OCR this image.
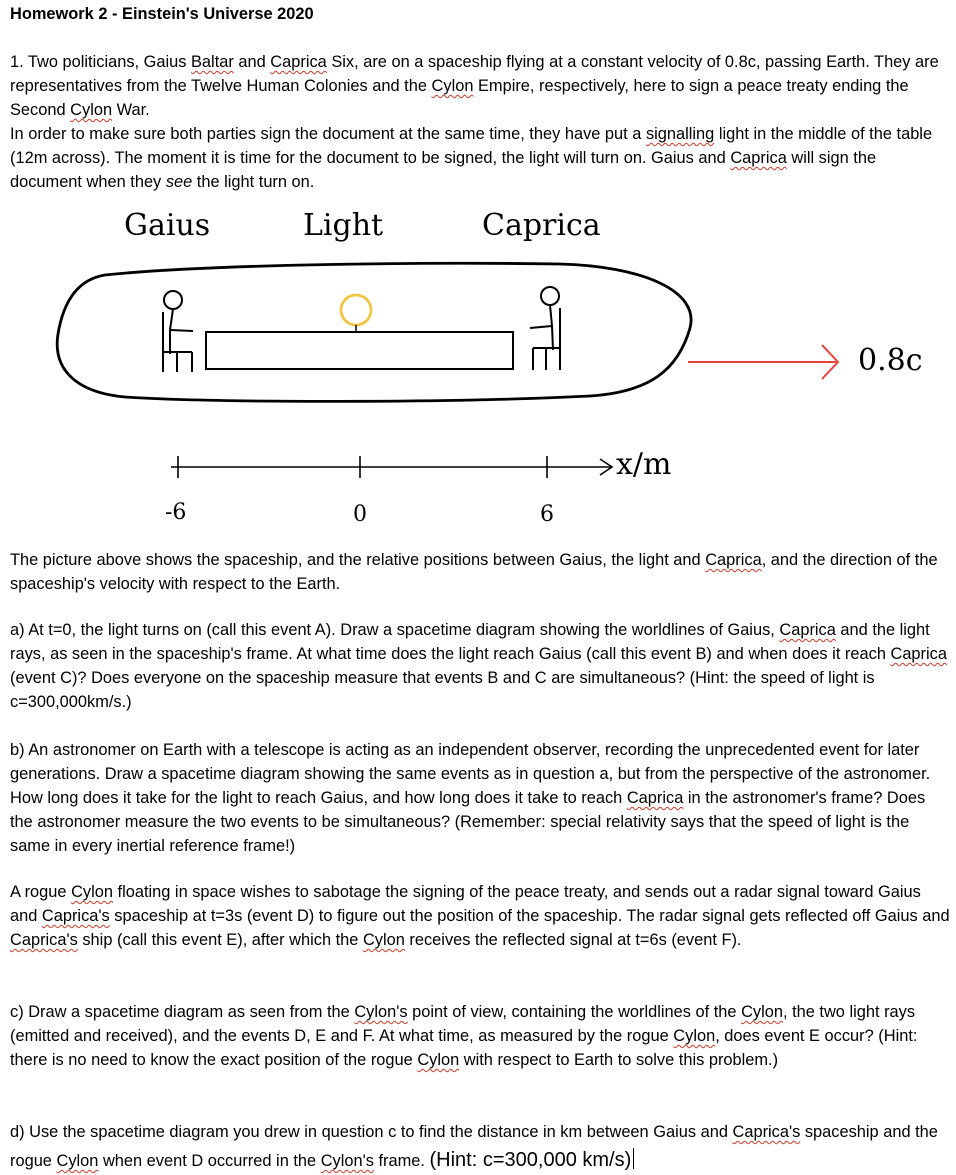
Homework 2 - Einstein's Universe 2020

1. Two politicians, Gaius Baltar and Caprica Six, are on a spaceship flying at a constant velocity of 0.8c, passing Earth. They are representatives from the Twelve Human Colonies and the Cylon Empire, respectively, here to sign a peace treaty ending the Second Cylon War.

In order to make sure both parties sign the document at the same time, they have put a signalling light in the middle of the table (12m across). The moment it is time for the document to be signed, the light will turn on. Gaius and Caprica will sign the document when they see the light turn on.

Gaius	Light	Caprica
0.8c
x/m
-6	0	6

The picture above shows the spaceship, and the relative positions between Gaius, the light and Caprica, and the direction of the spaceship's velocity with respect to the Earth.

a) At t=0, the light turns on (call this event A). Draw a spacetime diagram showing the worldlines of Gaius, Caprica and the light rays, as seen in the spaceship's frame. At what time does the light reach Gaius (call this event B) and when does it reach Caprica (event C)? Does everyone on the spaceship measure that events B and C are simultaneous? (Hint: the speed of light is c=300,000km/s.)

b) An astronomer on Earth with a telescope is acting as an independent observer, recording the unprecedented event for later generations. Draw a spacetime diagram showing the same events as in question a, but from the perspective of the astronomer. How long does it take for the light to reach Gaius, and how long does it take to reach Caprica in the astronomer's frame? Does the astronomer measure the two events to be simultaneous? (Remember: special relativity says that the speed of light is the same in every inertial reference frame!)

A rogue Cylon floating in space wishes to sabotage the signing of the peace treaty, and sends out a radar signal toward Gaius and Caprica's spaceship at t=3s (event D) to figure out the position of the spaceship. The radar signal gets reflected off Gaius and Caprica's ship (call this event E), after which the Cylon receives the reflected signal at t=6s (event F).

c) Draw a spacetime diagram as seen from the Cylon's point of view, containing the worldlines of the Cylon, the two light rays (emitted and received), and the events D, E and F. At what time, as measured by the rogue Cylon, does event E occur? (Hint: there is no need to know the exact position of the rogue Cylon with respect to Earth to solve this problem.)

d) Use the spacetime diagram you drew in question c to find the distance in km between Gaius and Caprica's spaceship and the rogue Cylon when event D occurred in the Cylon's frame. (Hint: c=300,000 km/s)
